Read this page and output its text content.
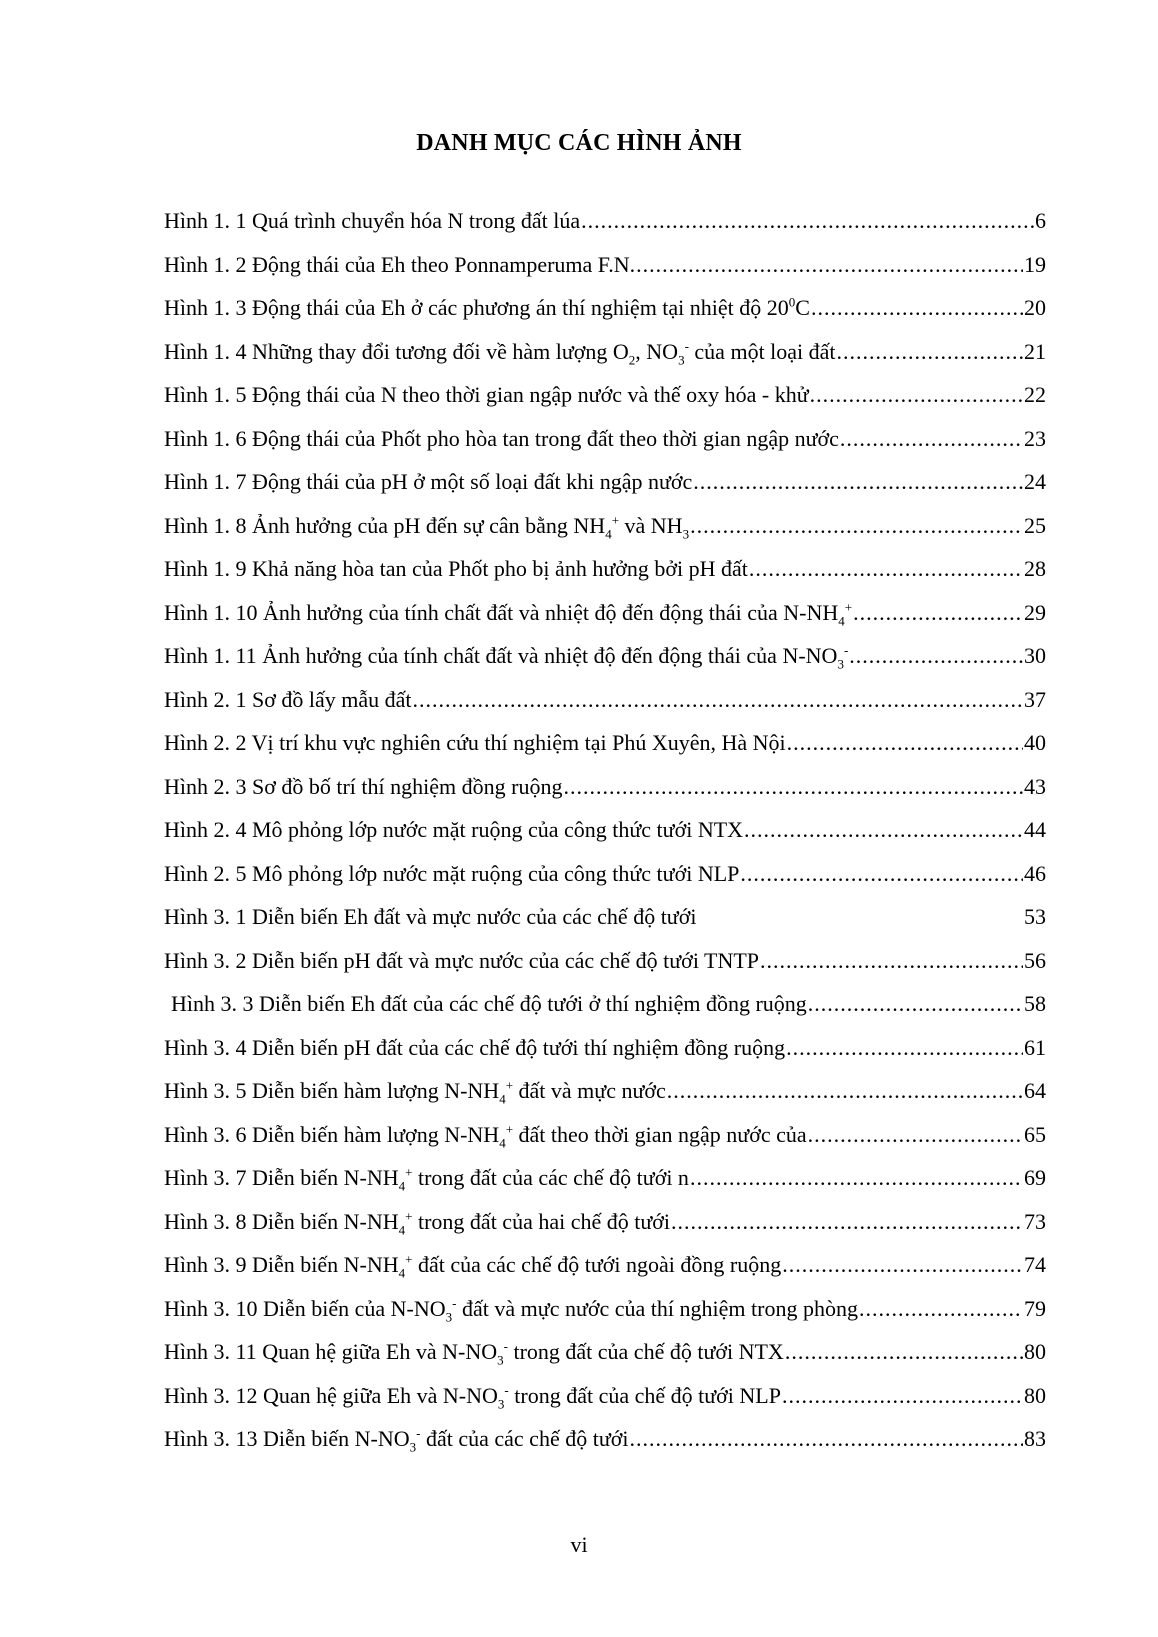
DANH MỤC CÁC HÌNH ẢNH
Hình 1. 1 Quá trình chuyển hóa N trong đất lúa .....	6
Hình 1. 2 Động thái của Eh theo Ponnamperuma F.N. .....	19
Hình 1. 3 Động thái của Eh ở các phương án thí nghiệm tại nhiệt độ $20^0C$ .....	20
Hình 1. 4 Những thay đổi tương đối về hàm lượng $O_2$, $NO_3^-$ của một loại đất .....	21
Hình 1. 5 Động thái của N theo thời gian ngập nước và thế oxy hóa - khử .....	22
Hình 1. 6 Động thái của Phốt pho hòa tan trong đất theo thời gian ngập nước .....	23
Hình 1. 7 Động thái của pH ở một số loại đất khi ngập nước .....	24
Hình 1. 8 Ảnh hưởng của pH đến sự cân bằng $NH_4^+$ và $NH_3$ .....	25
Hình 1. 9 Khả năng hòa tan của Phốt pho bị ảnh hưởng bởi pH đất .....	28
Hình 1. 10 Ảnh hưởng của tính chất đất và nhiệt độ đến động thái của $N-NH_4^+$ .....	29
Hình 1. 11 Ảnh hưởng của tính chất đất và nhiệt độ đến động thái của $N-NO_3^-$ .....	30
Hình 2. 1 Sơ đồ lấy mẫu đất .....	37
Hình 2. 2 Vị trí khu vực nghiên cứu thí nghiệm tại Phú Xuyên, Hà Nội .....	40
Hình 2. 3 Sơ đồ bố trí thí nghiệm đồng ruộng .....	43
Hình 2. 4 Mô phỏng lớp nước mặt ruộng của công thức tưới NTX .....	44
Hình 2. 5 Mô phỏng lớp nước mặt ruộng của công thức tưới NLP .....	46
Hình 3. 1 Diễn biến Eh đất và mực nước của các chế độ tưới	53
Hình 3. 2 Diễn biến pH đất và mực nước của các chế độ tưới TNTP .....	56
Hình 3. 3 Diễn biến Eh đất của các chế độ tưới ở thí nghiệm đồng ruộng .....	58
Hình 3. 4 Diễn biến pH đất của các chế độ tưới thí nghiệm đồng ruộng .....	61
Hình 3. 5 Diễn biến hàm lượng $N-NH_4^+$ đất và mực nước .....	64
Hình 3. 6 Diễn biến hàm lượng $N-NH_4^+$ đất theo thời gian ngập nước của .....	65
Hình 3. 7 Diễn biến $N-NH_4^+$ trong đất của các chế độ tưới n .....	69
Hình 3. 8 Diễn biến $N-NH_4^+$ trong đất của hai chế độ tưới .....	73
Hình 3. 9 Diễn biến $N-NH_4^+$ đất của các chế độ tưới ngoài đồng ruộng .....	74
Hình 3. 10 Diễn biến của $N-NO_3^-$ đất và mực nước của thí nghiệm trong phòng .....	79
Hình 3. 11 Quan hệ giữa Eh và $N-NO_3^-$ trong đất của chế độ tưới NTX .....	80
Hình 3. 12 Quan hệ giữa Eh và $N-NO_3^-$ trong đất của chế độ tưới NLP .....	80
Hình 3. 13 Diễn biến $N-NO_3^-$ đất của các chế độ tưới .....	83
vi
